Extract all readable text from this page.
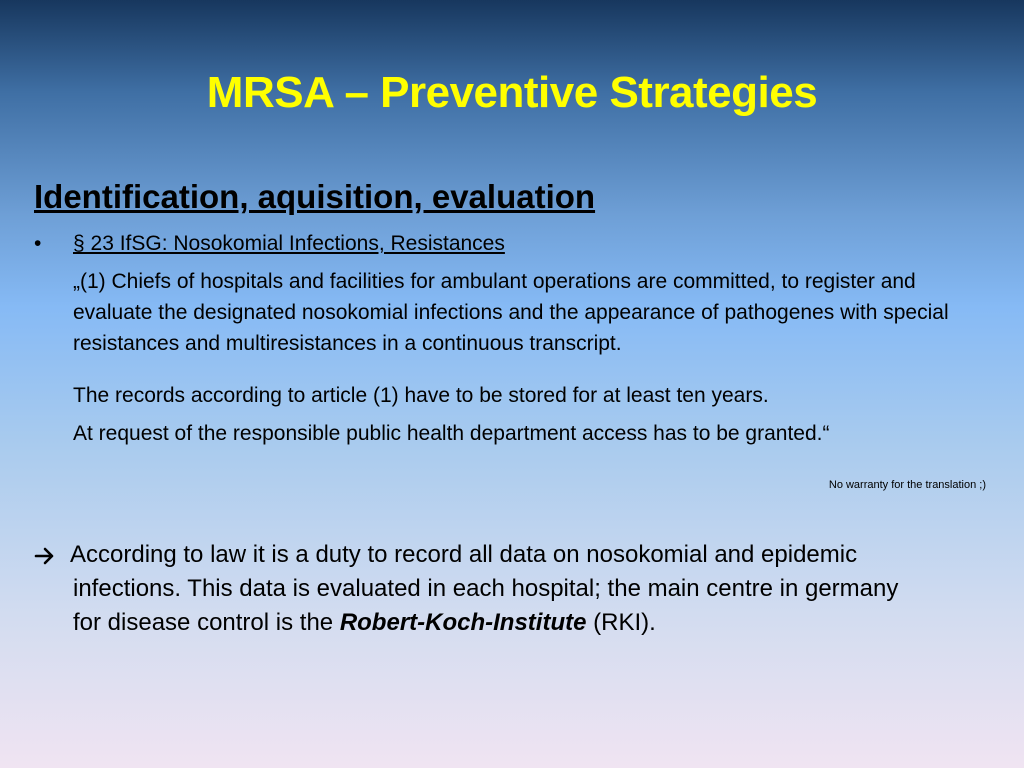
MRSA – Preventive Strategies
Identification, aquisition, evaluation
• § 23 IfSG: Nosokomial Infections, Resistances

„(1) Chiefs of hospitals and facilities for ambulant operations are committed, to register and evaluate the designated nosokomial infections and the appearance of pathogenes with special resistances and multiresistances in a continuous transcript.

The records according to article (1) have to be stored for at least ten years.

At request of the responsible public health department access has to be granted.“

No warranty for the translation ;)
According to law it is a duty to record all data on nosokomial and epidemic
infections. This data is evaluated in each hospital; the main centre in germany
for disease control is the Robert-Koch-Institute (RKI).
